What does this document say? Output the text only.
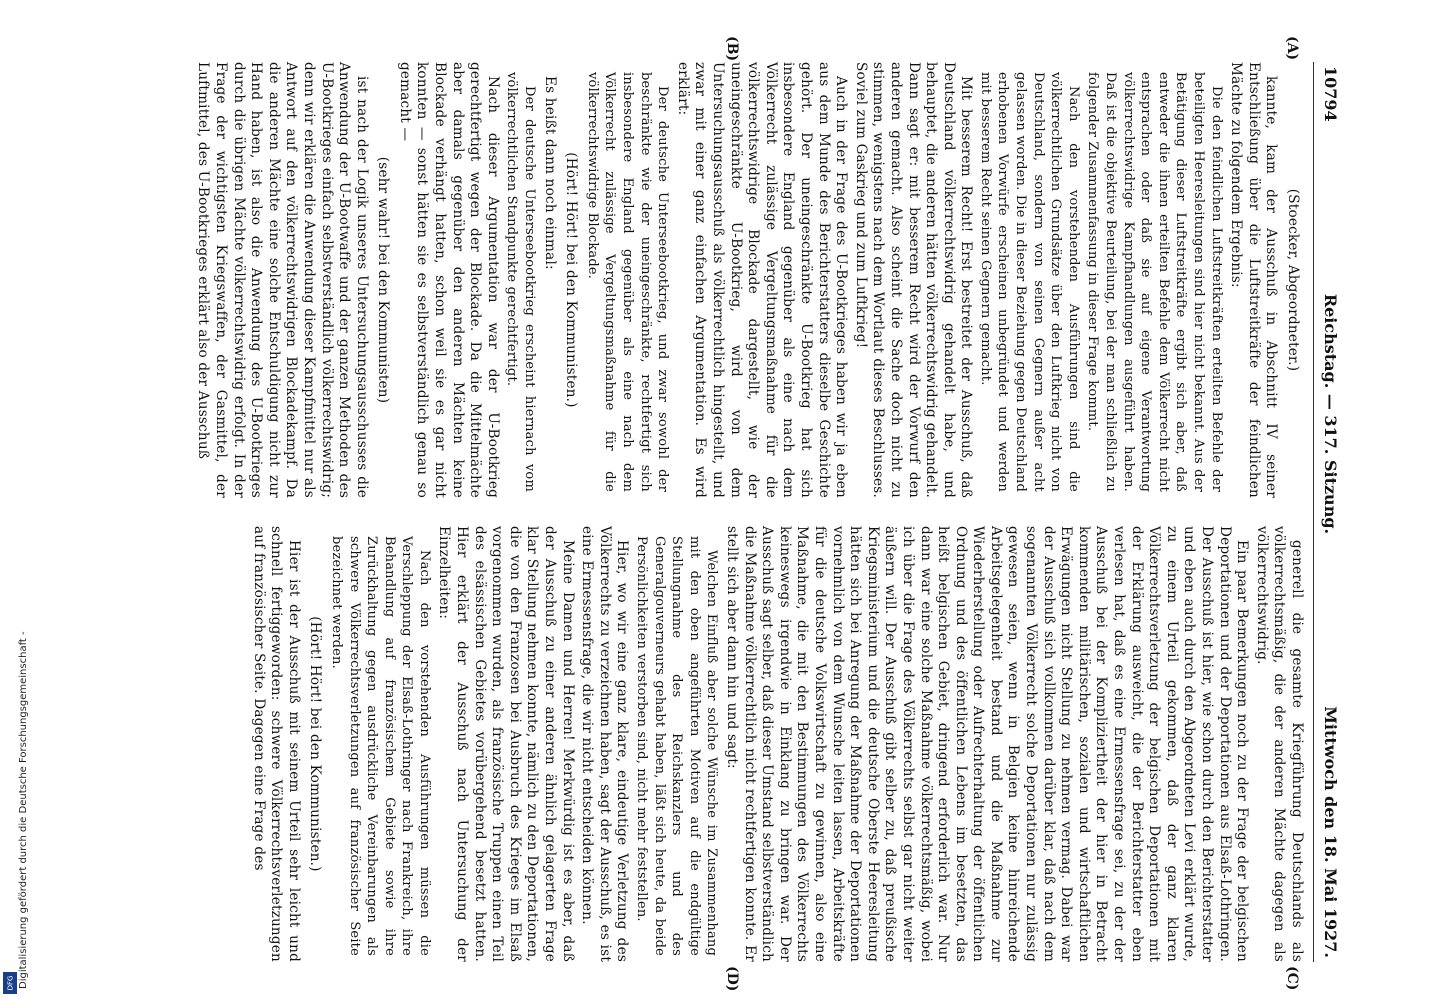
10794
Reichstag. — 317. Sitzung.
Mittwoch den 18. Mai 1927.

(Stoecker, Abgeordneter.)

kannte, kam der Ausschuß in Abschnitt IV seiner Entschließung über die Luftstreitkräfte der feindlichen Mächte zu folgendem Ergebnis:

Die den feindlichen Luftstreitkräften erteilten Befehle der beteiligten Heeresleitungen sind hier nicht bekannt. Aus der Betätigung dieser Luftstreitkräfte ergibt sich aber, daß entweder die ihnen erteilten Befehle dem Völkerrecht nicht entsprachen oder daß sie auf eigene Verantwortung völkerrechtswidrige Kampfhandlungen ausgeführt haben. Daß ist die objektive Beurteilung, bei der man schließlich zu folgender Zusammenfassung in dieser Frage kommt.

Nach den vorstehenden Ausführungen sind die völkerrechtlichen Grundsätze über den Luftkrieg nicht von Deutschland, sondern von seinen Gegnern außer acht gelassen worden. Die in dieser Beziehung gegen Deutschland erhobenen Vorwürfe erscheinen unbegründet und werden mit besserem Recht seinen Gegnern gemacht.

Mit besserem Recht! Erst bestreitet der Ausschuß, daß Deutschland völkerrechtswidrig gehandelt habe, und behauptet, die anderen hätten völkerrechtswidrig gehandelt. Dann sagt er: mit besserem Recht wird der Vorwurf den anderen gemacht. Also scheint die Sache doch nicht zu stimmen, wenigstens nach dem Wortlaut dieses Beschlusses. Soviel zum Gaskrieg und zum Luftkrieg!

Auch in der Frage des U-Bootkrieges haben wir ja eben aus dem Munde des Berichterstatters dieselbe Geschichte gehört. Der uneingeschränkte U-Bootkrieg hat sich insbesondere England gegenüber als eine nach dem Völkerrecht zulässige Vergeltungsmaßnahme für die völkerrechtswidrige Blockade dargestellt, wie der uneingeschränkte U-Bootkrieg, wird von dem Untersuchungsausschuß als völkerrechtlich hingestellt, und zwar mit einer ganz einfachen Argumentation. Es wird erklärt:

Der deutsche Unterseebootkrieg, und zwar sowohl der beschränkte wie der uneingeschränkte, rechtfertigt sich insbesondere England gegenüber als eine nach dem Völkerrecht zulässige Vergeltungsmaßnahme für die völkerrechtswidrige Blockade.

(Hört! Hört! bei den Kommunisten.)

Es heißt dann noch einmal:

Der deutsche Unterseebootkrieg erscheint hiernach vom völkerrechtlichen Standpunkte gerechtfertigt.

Nach dieser Argumentation war der U-Bootkrieg gerechtfertigt wegen der Blockade. Da die Mittelmächte aber damals gegenüber den anderen Mächten keine Blockade verhängt hatten, schon weil sie es gar nicht konnten — sonst hätten sie es selbstverständlich genau so gemacht —

(sehr wahr! bei den Kommunisten)

ist nach der Logik unseres Untersuchungsausschusses die Anwendung der U-Bootwaffe und der ganzen Methoden des U-Bootkrieges einfach selbstverständlich völkerrechtswidrig; denn wir erklären die Anwendung dieser Kampfmittel nur als Antwort auf den völkerrechtswidrigen Blockadekampf. Da die anderen Mächte eine solche Entschuldigung nicht zur Hand haben, ist also die Anwendung des U-Bootkrieges durch die übrigen Mächte völkerrechtswidrig erfolgt. In der Frage der wichtigsten Kriegswaffen, der Gasmittel, der Luftmittel, des U-Bootkrieges erklärt also der Ausschuß

generell die gesamte Kriegführung Deutschlands als völkerrechtsmäßig, die der anderen Mächte dagegen als völkerrechtswidrig.

Ein paar Bemerkungen noch zu der Frage der belgischen Deportationen und der Deportationen aus Elsaß-Lothringen. Der Ausschuß ist hier, wie schon durch den Berichterstatter und eben auch durch den Abgeordneten Levi erklärt wurde, zu einem Urteil gekommen, daß der ganz klaren Völkerrechtsverletzung der belgischen Deportationen mit der Erklärung ausweicht, die der Berichterstatter eben verlesen hat, daß es eine Ermessensfrage sei, zu der der Ausschuß bei der Kompliziertheit der hier in Betracht kommenden militärischen, sozialen und wirtschaftlichen Erwägungen nicht Stellung zu nehmen vermag. Dabei war der Ausschuß sich vollkommen darüber klar, daß nach dem sogenannten Völkerrecht solche Deportationen nur zulässig gewesen seien, wenn in Belgien keine hinreichende Arbeitsgelegenheit bestand und die Maßnahme zur Wiederherstellung oder Aufrechterhaltung der öffentlichen Ordnung und des öffentlichen Lebens im besetzten, das heißt belgischen Gebiet, dringend erforderlich war. Nur dann war eine solche Maßnahme völkerrechtsmäßig, wobei ich über die Frage des Völkerrechts selbst gar nicht weiter äußern will. Der Ausschuß gibt selber zu, daß preußische Kriegsministerium und die deutsche Oberste Heeresleitung hätten sich bei Anregung der Maßnahme der Deportationen vornehmlich von dem Wunsche leiten lassen, Arbeitskräfte für die deutsche Volkswirtschaft zu gewinnen, also eine Maßnahme, die mit den Bestimmungen des Völkerrechts keineswegs irgendwie in Einklang zu bringen war. Der Ausschuß sagt selber, daß dieser Umstand selbstverständlich die Maßnahme völkerrechtlich nicht rechtfertigen konnte. Er stellt sich aber dann hin und sagt:

Welchen Einfluß aber solche Wünsche im Zusammenhang mit den oben angeführten Motiven auf die endgültige Stellungnahme des Reichskanzlers und des Generalgouverneurs gehabt haben, läßt sich heute, da beide Persönlichkeiten verstorben sind, nicht mehr feststellen.

Hier, wo wir eine ganz klare, eindeutige Verletzung des Völkerrechts zu verzeichnen haben, sagt der Ausschuß, es ist eine Ermessensfrage, die wir nicht entscheiden können.

Meine Damen und Herren! Merkwürdig ist es aber, daß der Ausschuß zu einer anderen ähnlich gelagerten Frage klar Stellung nehmen konnte, nämlich zu den Deportationen, die von den Franzosen bei Ausbruch des Krieges im Elsaß vorgenommen wurden, als französische Truppen einen Teil des elsässischen Gebietes vorübergehend besetzt hatten. Hier erklärt der Ausschuß nach Untersuchung der Einzelheiten:

Nach den vorstehenden Ausführungen müssen die Verschleppung der Elsaß-Lothringer nach Frankreich, ihre Behandlung auf französischem Gebiete sowie ihre Zurückhaltung gegen ausdrückliche Vereinbarungen als schwere Völkerrechtsverletzungen auf französischer Seite bezeichnet werden.

(Hört! Hört! bei den Kommunisten.)

Hier ist der Ausschuß mit seinem Urteil sehr leicht und schnell fertiggeworden: schwere Völkerrechtsverletzungen auf französischer Seite. Dagegen eine Frage des

(A)
(B)
(C)
(D)
Digitalisierung gefördert durch die Deutsche Forschungsgemeinschaft -
DFG
